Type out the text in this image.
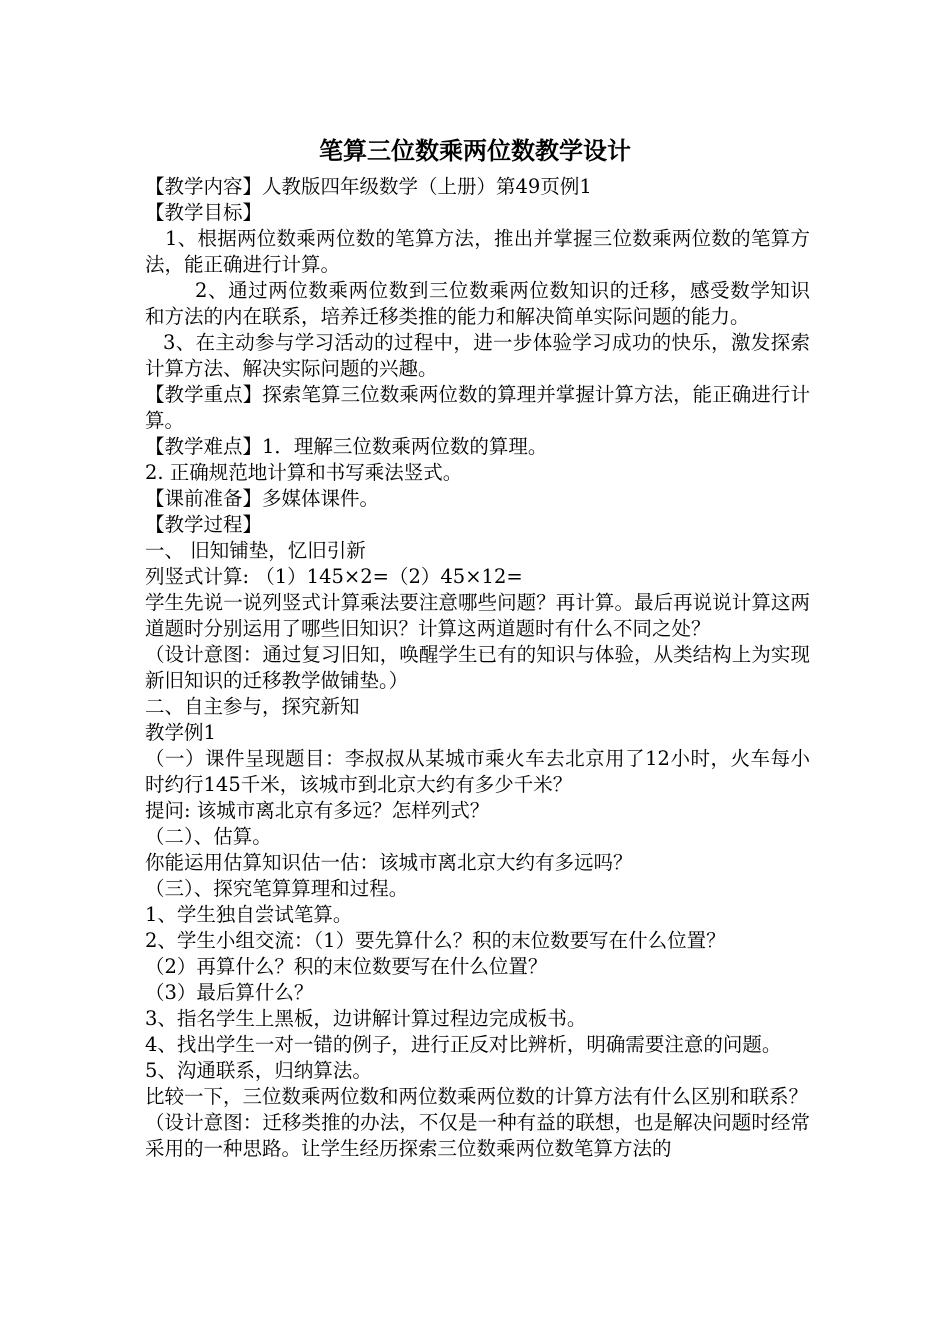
笔算三位数乘两位数教学设计

【教学内容】人教版四年级数学（上册）第49页例1

【教学目标】

1、根据两位数乘两位数的笔算方法，推出并掌握三位数乘两位数的笔算方法，能正确进行计算。

2、通过两位数乘两位数到三位数乘两位数知识的迁移，感受数学知识和方法的内在联系，培养迁移类推的能力和解决简单实际问题的能力。

3、在主动参与学习活动的过程中，进一步体验学习成功的快乐，激发探索计算方法、解决实际问题的兴趣。

【教学重点】探索笔算三位数乘两位数的算理并掌握计算方法，能正确进行计算。

【教学难点】1．理解三位数乘两位数的算理。

2. 正确规范地计算和书写乘法竖式。

【课前准备】多媒体课件。

【教学过程】

一、 旧知铺垫，忆旧引新

列竖式计算: （1）145×2=（2）45×12=

学生先说一说列竖式计算乘法要注意哪些问题？再计算。最后再说说计算这两道题时分别运用了哪些旧知识？计算这两道题时有什么不同之处？

（设计意图：通过复习旧知，唤醒学生已有的知识与体验，从类结构上为实现新旧知识的迁移教学做铺垫。）

二、自主参与，探究新知

教学例1

（一）课件呈现题目：李叔叔从某城市乘火车去北京用了12小时，火车每小时约行145千米，该城市到北京大约有多少千米？

提问: 该城市离北京有多远？怎样列式？

（二）、估算。

你能运用估算知识估一估：该城市离北京大约有多远吗？

（三）、探究笔算算理和过程。

1、学生独自尝试笔算。

2、学生小组交流：（1）要先算什么？积的末位数要写在什么位置？

（2）再算什么？积的末位数要写在什么位置？

（3）最后算什么？

3、指名学生上黑板，边讲解计算过程边完成板书。

4、找出学生一对一错的例子，进行正反对比辨析，明确需要注意的问题。

5、沟通联系，归纳算法。

比较一下，三位数乘两位数和两位数乘两位数的计算方法有什么区别和联系？

（设计意图：迁移类推的办法，不仅是一种有益的联想，也是解决问题时经常采用的一种思路。让学生经历探索三位数乘两位数笔算方法的
